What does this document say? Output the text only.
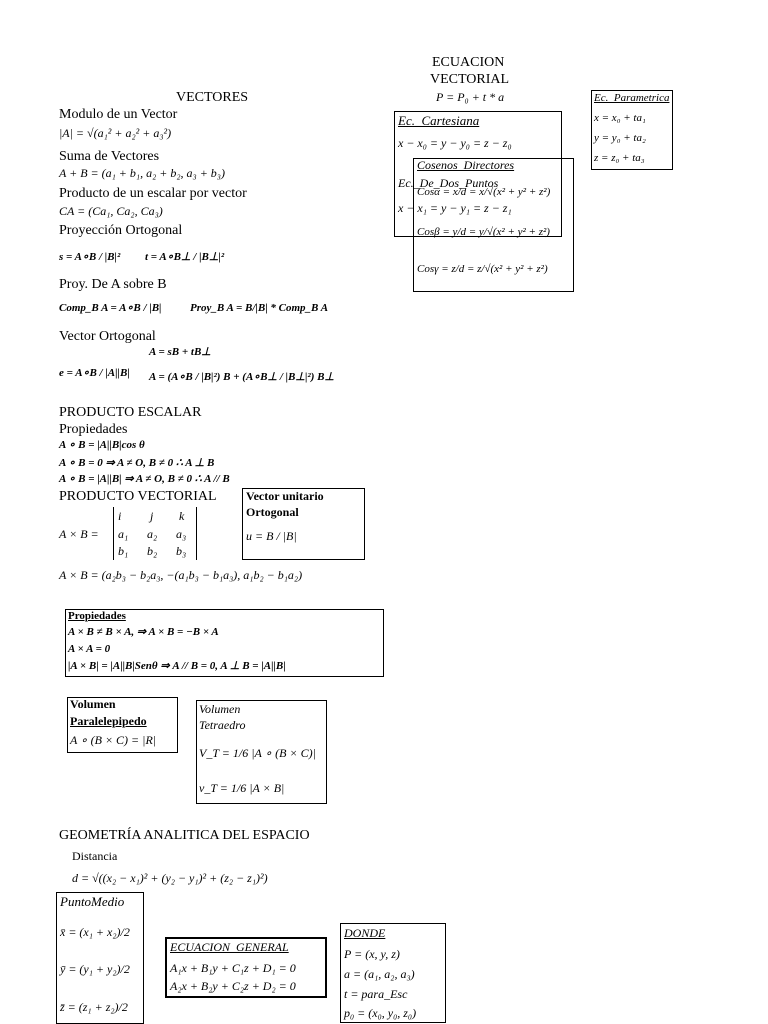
ECUACION
VECTORIAL
P = P₀ + t * a
VECTORES	Ec._Parametrica
x = x₀ + ta₁
y = y₀ + ta₂
z = z₀ + ta₃
Ec._Cartesiana
x − x₀ = y − y₀ = z − z₀
Ec._De_Dos_Puntos
x − x₁ = y − y₁ = z − z₁
Cosenos_Directores
Cosα = x/d = x/√(x² + y² + z²)
Cosβ = y/d = y/√(x² + y² + z²)
Cosγ = z/d = z/√(x² + y² + z²)
Modulo de un Vector
|A| = √(a₁² + a₂² + a₃²)
Suma de Vectores
A + B = (a₁ + b₁, a₂ + b₂, a₃ + b₃)
Producto de un escalar por vector
CA = (Ca₁, Ca₂, Ca₃)
Proyección Ortogonal
s = A∘B / |B|² t = A∘B⊥ / |B⊥|²
Proy. De A sobre B
Comp_B A = A∘B / |B|	Proy_B A = B/|B| * Comp_B A
Vector Ortogonal
A = sB + tB⊥
e = A∘B / |A||B| A = (A∘B / |B|²) B + (A∘B⊥ / |B⊥|²) B⊥
PRODUCTO ESCALAR
Propiedades
A ∘ B = |A||B|cos θ
A ∘ B = 0 ⇒ A ≠ O, B ≠ 0 ∴ A ⊥ B
A ∘ B = |A||B| ⇒ A ≠ O, B ≠ 0 ∴ A // B
PRODUCTO VECTORIAL
A × B =
i j k
a₁ a₂ a₃
b₁ b₂ b₃
A × B = (a₂b₃ − b₂a₃, −(a₁b₃ − b₁a₃), a₁b₂ − b₁a₂)
Vector unitario
Ortogonal
u = B / |B|
Propiedades
A × B ≠ B × A, ⇒ A × B = −B × A
A × A = 0
|A × B| = |A||B|Senθ ⇒ A // B = 0, A ⊥ B = |A||B|
Volumen
Paralelepipedo
A ∘ (B × C) = |R|
Volumen
Tetraedro
V_T = 1/6 |A ∘ (B × C)|
v_T = 1/6 |A × B|
GEOMETRÍA ANALITICA DEL ESPACIO
Distancia
d = √((x₂ − x₁)² + (y₂ − y₁)² + (z₂ − z₁)²)
PuntoMedio
x̄ = (x₁ + x₂)/2
ȳ = (y₁ + y₂)/2
z̄ = (z₁ + z₂)/2
ECUACION_GENERAL
A₁x + B₁y + C₁z + D₁ = 0
A₂x + B₂y + C₂z + D₂ = 0
DONDE
P = (x, y, z)
a = (a₁, a₂, a₃)
t = para_Esc
p₀ = (x₀, y₀, z₀)
